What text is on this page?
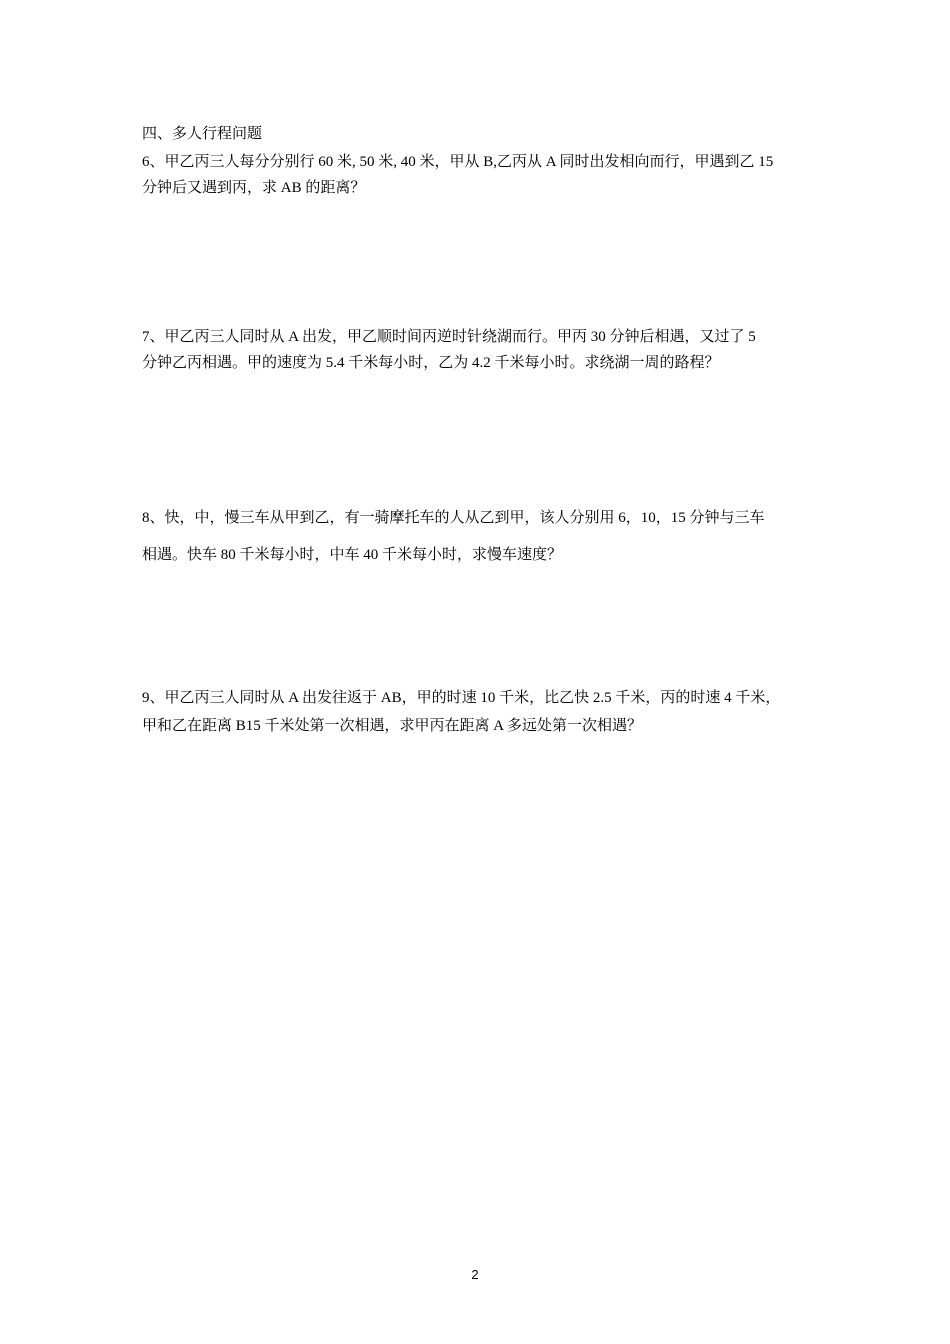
四、多人行程问题
6、甲乙丙三人每分分别行 60 米, 50 米, 40 米，甲从 B,乙丙从 A 同时出发相向而行，甲遇到乙 15
分钟后又遇到丙，求 AB 的距离？
7、甲乙丙三人同时从 A 出发，甲乙顺时间丙逆时针绕湖而行。甲丙 30 分钟后相遇，又过了 5
分钟乙丙相遇。甲的速度为 5.4 千米每小时，乙为 4.2 千米每小时。求绕湖一周的路程？
8、快，中，慢三车从甲到乙，有一骑摩托车的人从乙到甲，该人分别用 6，10，15 分钟与三车
相遇。快车 80 千米每小时，中车 40 千米每小时，求慢车速度？
9、甲乙丙三人同时从 A 出发往返于 AB，甲的时速 10 千米，比乙快 2.5 千米，丙的时速 4 千米，
甲和乙在距离 B15 千米处第一次相遇，求甲丙在距离 A 多远处第一次相遇？
2
